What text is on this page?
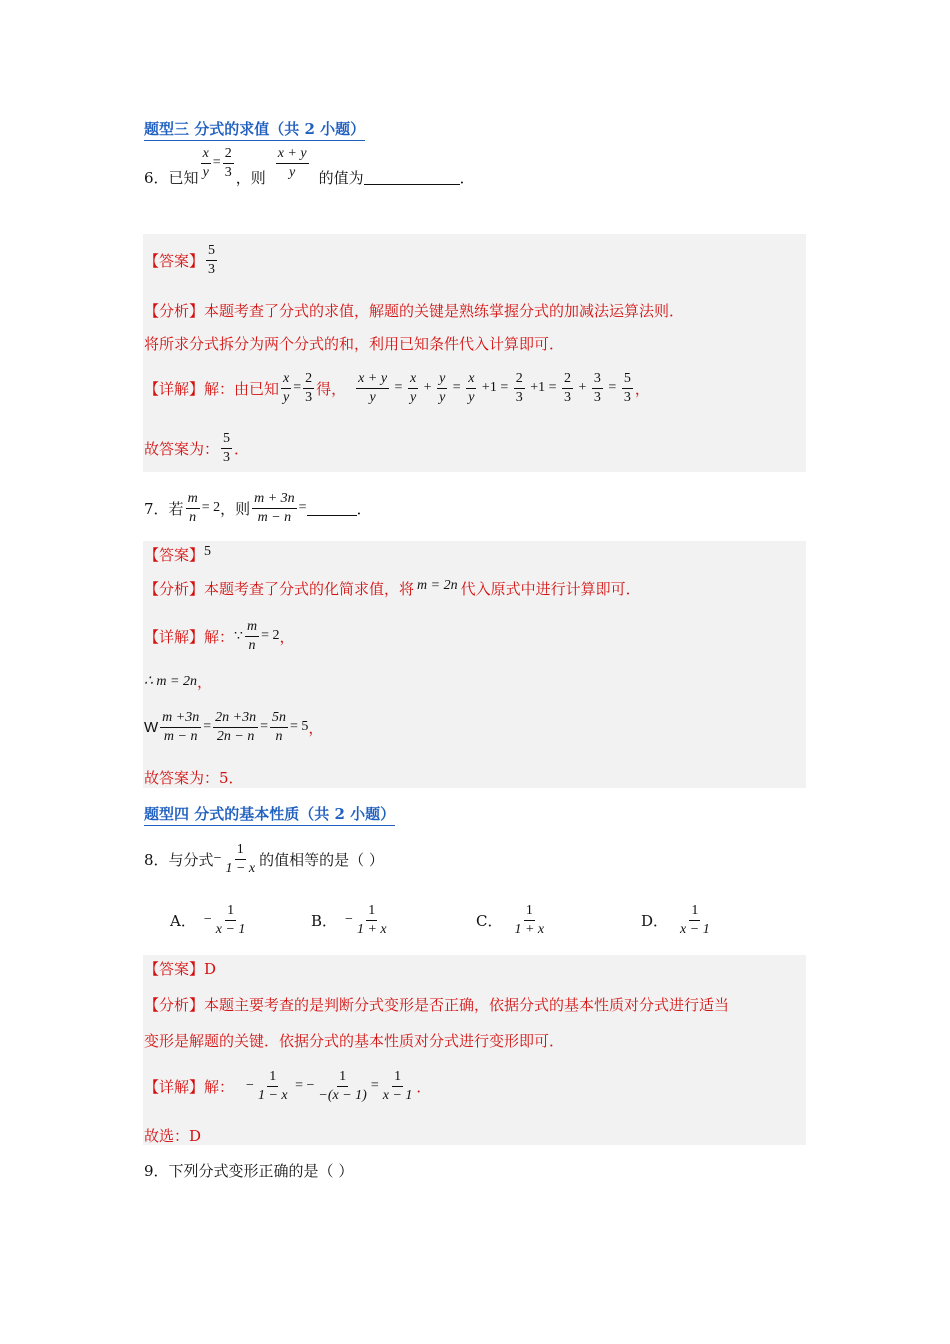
题型三 分式的求值（共 2 小题）
6． 已知 $\frac{x}{y} = \frac{2}{3}$ ，则 $\frac{x + y}{y}$ 的值为	．
【答案】 $\frac{5}{3}$
【分析】本题考查了分式的求值，解题的关键是熟练掌握分式的加减法运算法则．
将所求分式拆分为两个分式的和，利用已知条件代入计算即可．
【详解】 解：由已知 $\frac{x}{y} = \frac{2}{3}$ 得， $\frac{x + y}{y} = \frac{x}{y} + \frac{y}{y} = \frac{x}{y} +1 = \frac{2}{3} +1 = \frac{2}{3} + \frac{3}{3} = \frac{5}{3}$ ，
故答案为： $\frac{5}{3}$ ．
7． 若 $\frac{m}{n} = 2$ ，则 $\frac{m + 3n}{m - n}$ =	．
【答案】 5
【分析】 本题考查了分式的化简求值，将 m = 2n 代入原式中进行计算即可．
【详解】 解： ∵ $\frac{m}{n} = 2$ ，
∴ m = 2n ，
W $\frac{m +3n}{m - n} = \frac{2n +3n}{2n - n} = \frac{5n}{n} = 5$ ，
故答案为：5．
题型四 分式的基本性质（共 2 小题）
8． 与分式 − $\frac{1}{1 - x}$ 的值相等的是（ ）
A． − $\frac{1}{x - 1}$	B． − $\frac{1}{1 + x}$	C． $\frac{1}{1 + x}$	D． $\frac{1}{x - 1}$
【答案】D
【分析】本题主要考查的是判断分式变形是否正确，依据分式的基本性质对分式进行适当
变形是解题的关键．依据分式的基本性质对分式进行变形即可．
【详解】 解： − $\frac{1}{1 - x}$ = − $\frac{1}{-(x - 1)} = \frac{1}{x - 1}$ ．
故选：D
9．下列分式变形正确的是（ ）
